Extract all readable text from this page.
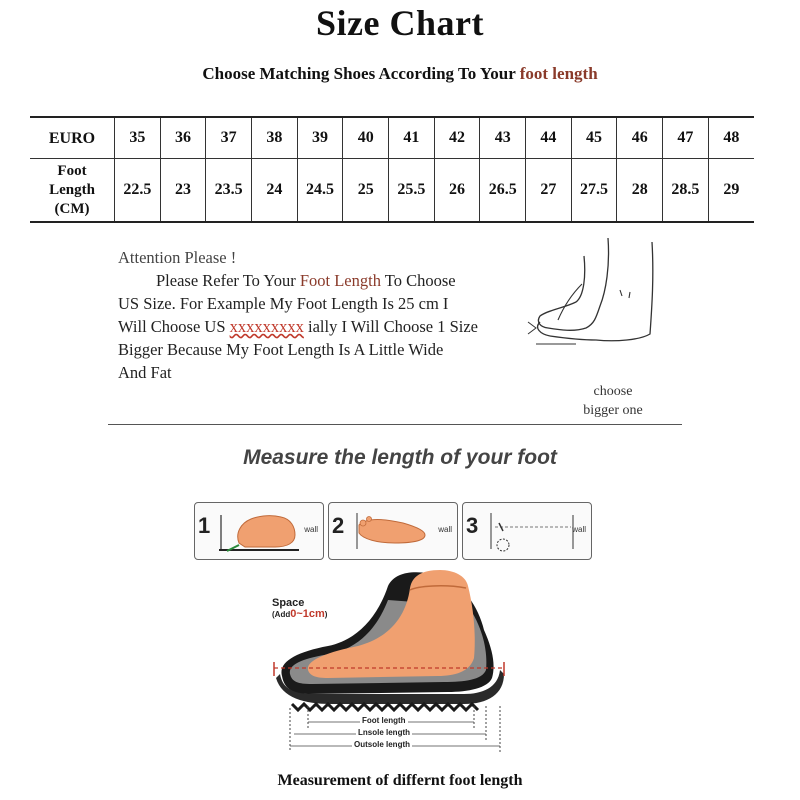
Size Chart
Choose Matching Shoes According To Your foot length
EURO	35	36	37	38	39	40	41	42	43	44	45	46	47	48
Foot
Length
(CM)	22.5	23	23.5	24	24.5	25	25.5	26	26.5	27	27.5	28	28.5	29
Attention Please !
Please Refer To Your Foot Length To Choose
US Size. For Example My Foot Length Is 25 cm I
Will Choose US xxxxxxxxx ially I Will Choose 1 Size
Bigger Because My Foot Length Is A Little Wide
And Fat
choose
bigger one
Measure the length of your foot
1	wall 2	wall 3	wall
Space
(Add0~1cm)
Foot length
Lnsole length
Outsole length
Measurement of differnt foot length
